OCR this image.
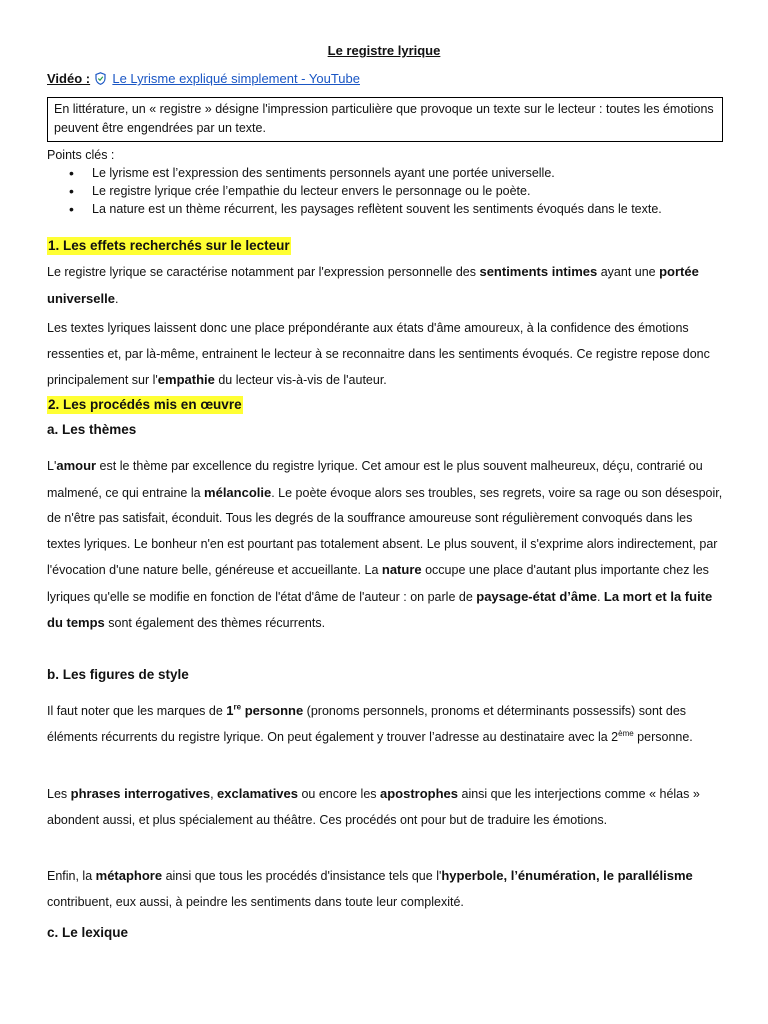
Le registre lyrique
Vidéo : Le Lyrisme expliqué simplement - YouTube
En littérature, un « registre » désigne l'impression particulière que provoque un texte sur le lecteur : toutes les émotions peuvent être engendrées par un texte.
Points clés :
• Le lyrisme est l’expression des sentiments personnels ayant une portée universelle.
• Le registre lyrique crée l’empathie du lecteur envers le personnage ou le poète.
• La nature est un thème récurrent, les paysages reflètent souvent les sentiments évoqués dans le texte.
1. Les effets recherchés sur le lecteur
Le registre lyrique se caractérise notamment par l'expression personnelle des sentiments intimes ayant une portée universelle.
Les textes lyriques laissent donc une place prépondérante aux états d'âme amoureux, à la confidence des émotions ressenties et, par là-même, entrainent le lecteur à se reconnaitre dans les sentiments évoqués. Ce registre repose donc principalement sur l'empathie du lecteur vis-à-vis de l'auteur.
2. Les procédés mis en œuvre
a. Les thèmes
L'amour est le thème par excellence du registre lyrique. Cet amour est le plus souvent malheureux, déçu, contrarié ou malmené, ce qui entraine la mélancolie. Le poète évoque alors ses troubles, ses regrets, voire sa rage ou son désespoir, de n'être pas satisfait, éconduit. Tous les degrés de la souffrance amoureuse sont régulièrement convoqués dans les textes lyriques. Le bonheur n'en est pourtant pas totalement absent. Le plus souvent, il s'exprime alors indirectement, par l'évocation d'une nature belle, généreuse et accueillante. La nature occupe une place d'autant plus importante chez les lyriques qu'elle se modifie en fonction de l'état d'âme de l'auteur : on parle de paysage-état d’âme. La mort et la fuite du temps sont également des thèmes récurrents.
b. Les figures de style
Il faut noter que les marques de 1re personne (pronoms personnels, pronoms et déterminants possessifs) sont des éléments récurrents du registre lyrique. On peut également y trouver l’adresse au destinataire avec la 2ème personne.
Les phrases interrogatives, exclamatives ou encore les apostrophes ainsi que les interjections comme « hélas » abondent aussi, et plus spécialement au théâtre. Ces procédés ont pour but de traduire les émotions.
Enfin, la métaphore ainsi que tous les procédés d'insistance tels que l'hyperbole, l’énumération, le parallélisme contribuent, eux aussi, à peindre les sentiments dans toute leur complexité.
c. Le lexique
